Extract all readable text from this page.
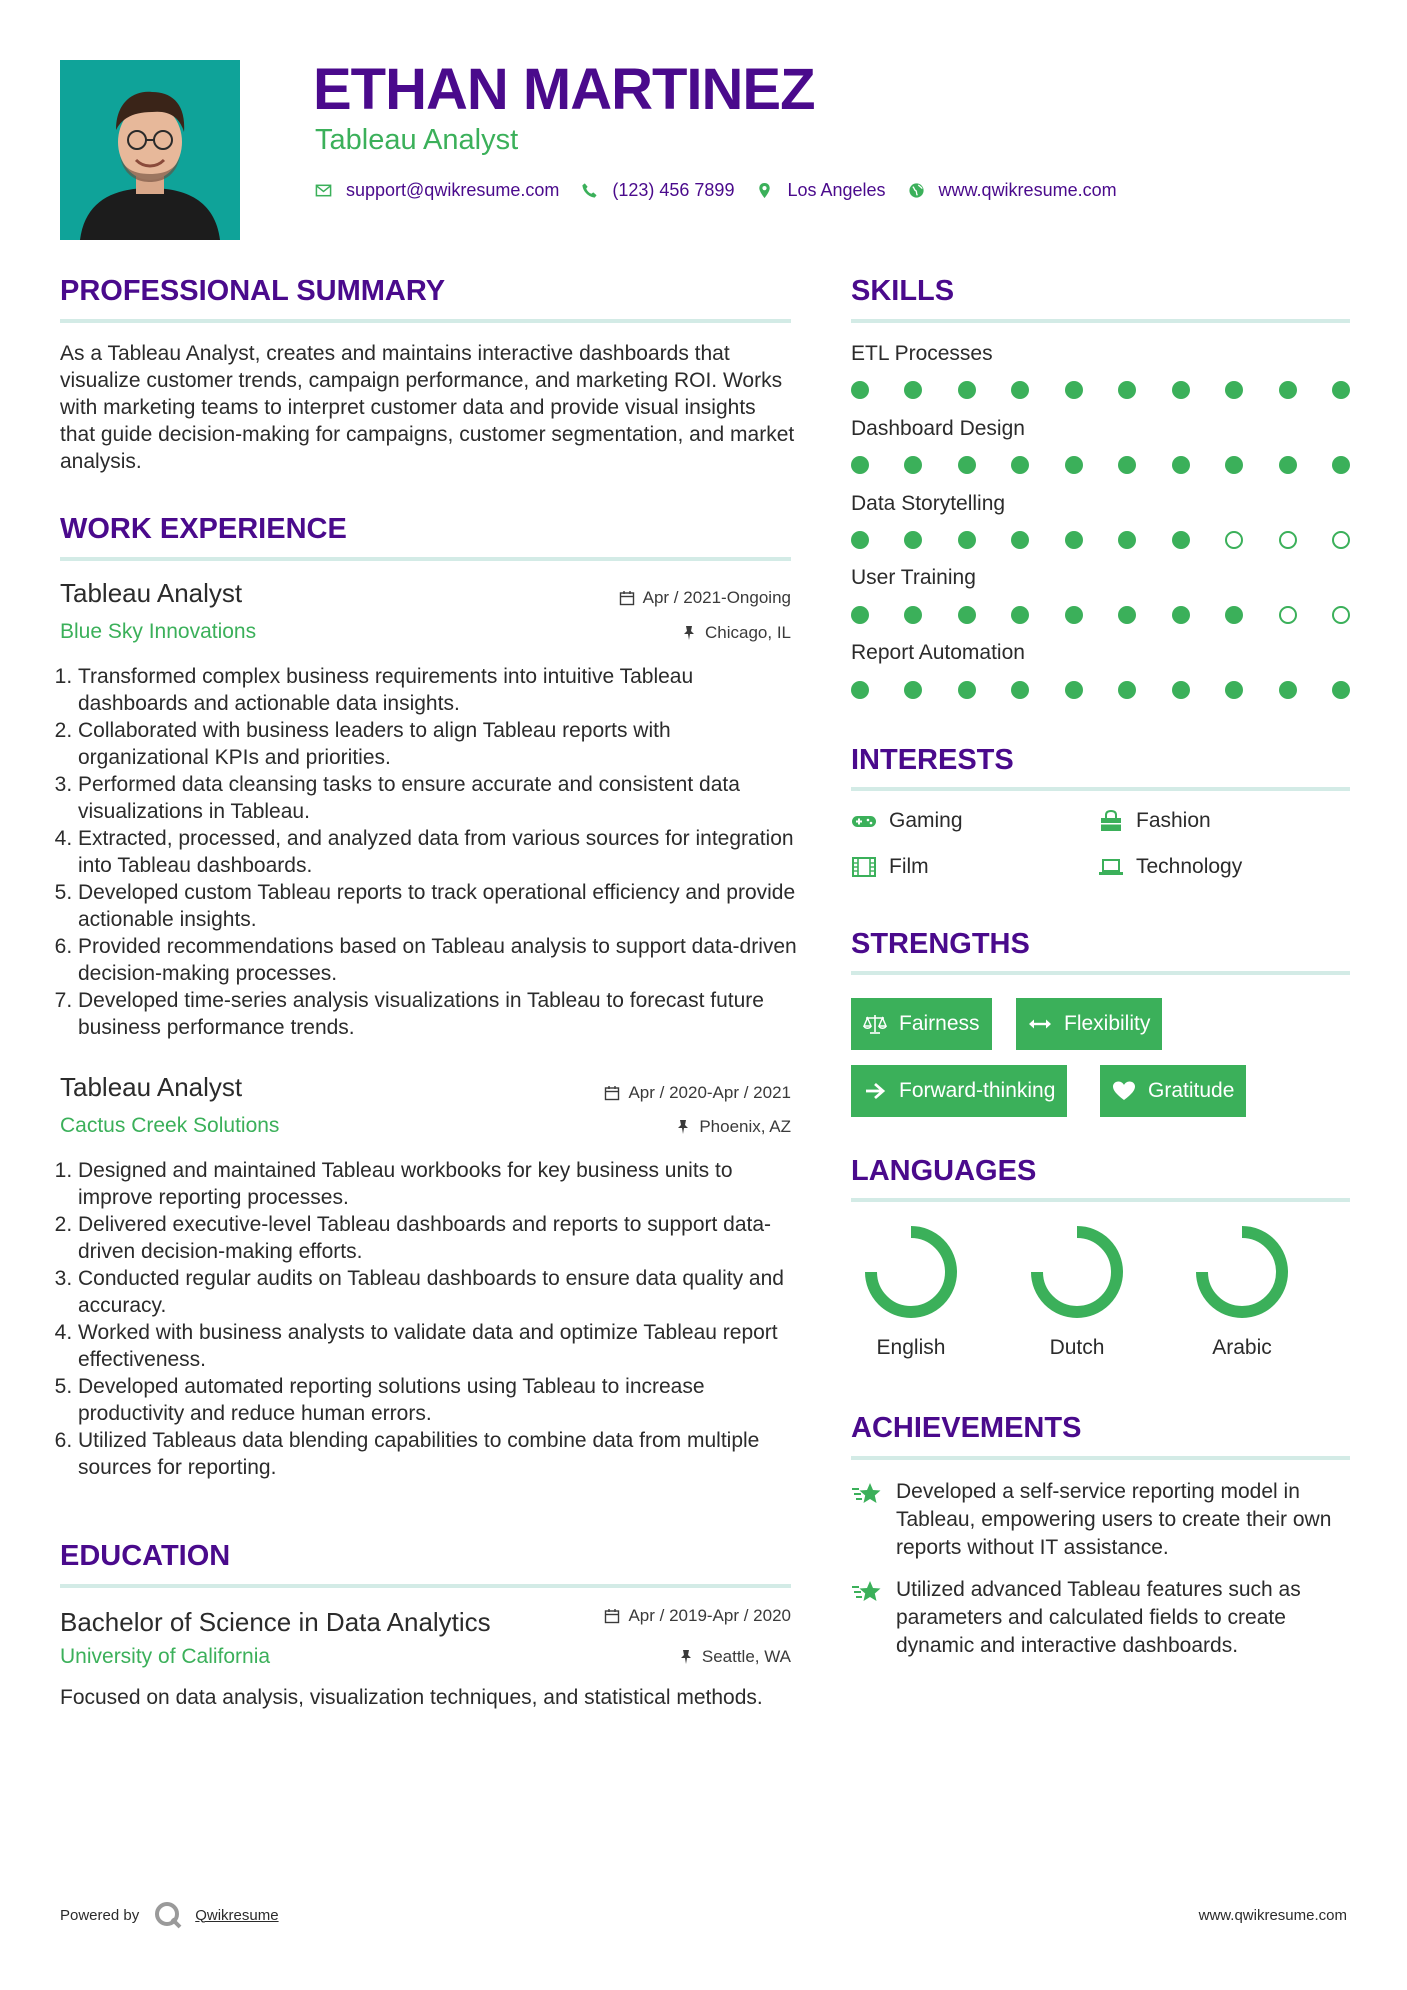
ETHAN MARTINEZ
Tableau Analyst
support@qwikresume.com	(123) 456 7899	Los Angeles	www.qwikresume.com
PROFESSIONAL SUMMARY
As a Tableau Analyst, creates and maintains interactive dashboards that visualize customer trends, campaign performance, and marketing ROI. Works with marketing teams to interpret customer data and provide visual insights that guide decision-making for campaigns, customer segmentation, and market analysis.
WORK EXPERIENCE
Tableau Analyst	Apr / 2021-Ongoing
Blue Sky Innovations	Chicago, IL
1. Transformed complex business requirements into intuitive Tableau dashboards and actionable data insights.
2. Collaborated with business leaders to align Tableau reports with organizational KPIs and priorities.
3. Performed data cleansing tasks to ensure accurate and consistent data visualizations in Tableau.
4. Extracted, processed, and analyzed data from various sources for integration into Tableau dashboards.
5. Developed custom Tableau reports to track operational efficiency and provide actionable insights.
6. Provided recommendations based on Tableau analysis to support data-driven decision-making processes.
7. Developed time-series analysis visualizations in Tableau to forecast future business performance trends.
Tableau Analyst	Apr / 2020-Apr / 2021
Cactus Creek Solutions	Phoenix, AZ
1. Designed and maintained Tableau workbooks for key business units to improve reporting processes.
2. Delivered executive-level Tableau dashboards and reports to support data-driven decision-making efforts.
3. Conducted regular audits on Tableau dashboards to ensure data quality and accuracy.
4. Worked with business analysts to validate data and optimize Tableau report effectiveness.
5. Developed automated reporting solutions using Tableau to increase productivity and reduce human errors.
6. Utilized Tableaus data blending capabilities to combine data from multiple sources for reporting.
EDUCATION
Bachelor of Science in Data Analytics	Apr / 2019-Apr / 2020
University of California	Seattle, WA
Focused on data analysis, visualization techniques, and statistical methods.
SKILLS
ETL Processes
Dashboard Design
Data Storytelling
User Training
Report Automation
INTERESTS
Gaming	Fashion
Film	Technology
STRENGTHS
Fairness	Flexibility
Forward-thinking	Gratitude
LANGUAGES
English	Dutch	Arabic
ACHIEVEMENTS
Developed a self-service reporting model in Tableau, empowering users to create their own reports without IT assistance.
Utilized advanced Tableau features such as parameters and calculated fields to create dynamic and interactive dashboards.
Powered by	Qwikresume	www.qwikresume.com
